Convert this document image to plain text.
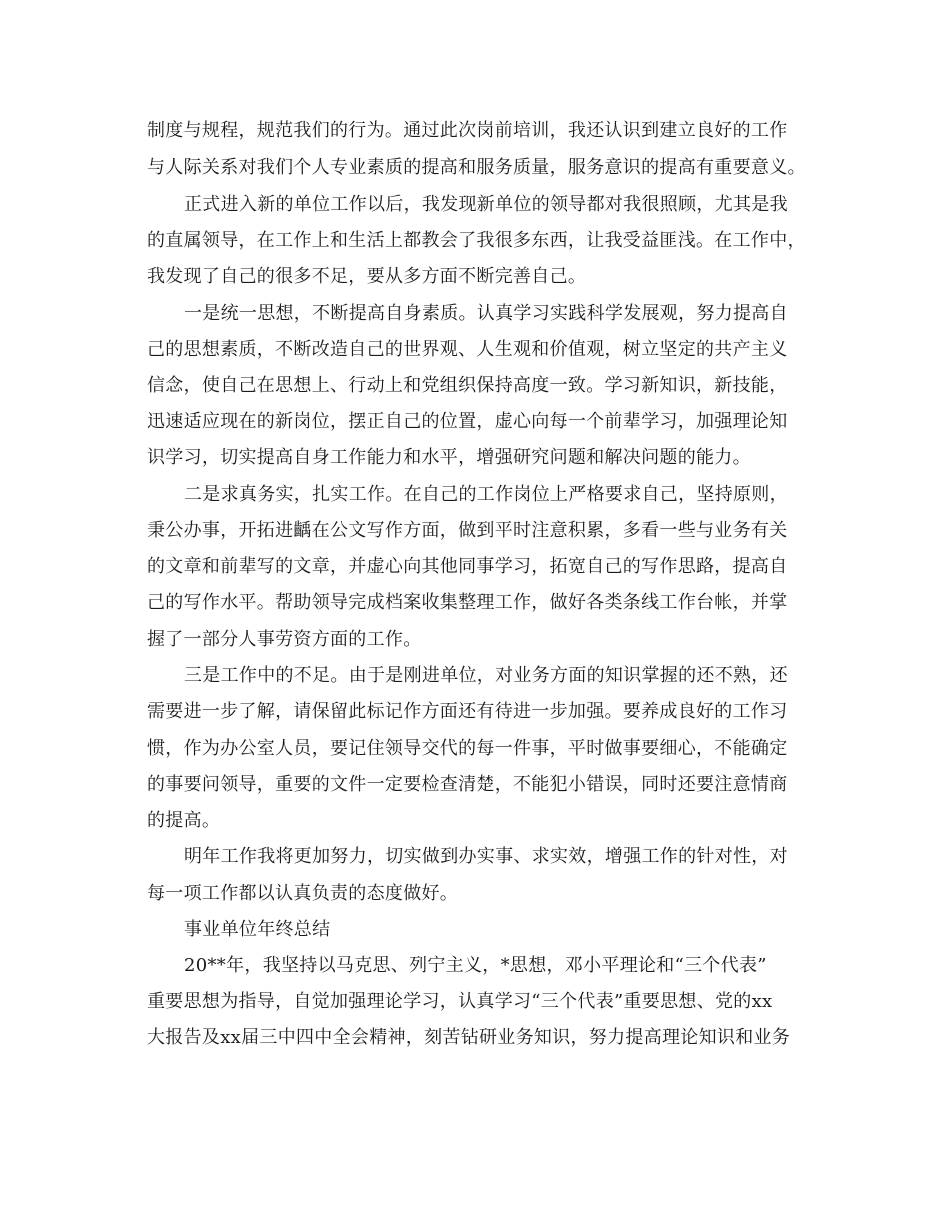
制度与规程，规范我们的行为。通过此次岗前培训，我还认识到建立良好的工作
与人际关系对我们个人专业素质的提高和服务质量，服务意识的提高有重要意义。
正式进入新的单位工作以后，我发现新单位的领导都对我很照顾，尤其是我
的直属领导，在工作上和生活上都教会了我很多东西，让我受益匪浅。在工作中，
我发现了自己的很多不足，要从多方面不断完善自己。
一是统一思想，不断提高自身素质。认真学习实践科学发展观，努力提高自
己的思想素质，不断改造自己的世界观、人生观和价值观，树立坚定的共产主义
信念，使自己在思想上、行动上和党组织保持高度一致。学习新知识，新技能，
迅速适应现在的新岗位，摆正自己的位置，虚心向每一个前辈学习，加强理论知
识学习，切实提高自身工作能力和水平，增强研究问题和解决问题的能力。
二是求真务实，扎实工作。在自己的工作岗位上严格要求自己，坚持原则，
秉公办事，开拓进齲在公文写作方面，做到平时注意积累，多看一些与业务有关
的文章和前辈写的文章，并虚心向其他同事学习，拓宽自己的写作思路，提高自
己的写作水平。帮助领导完成档案收集整理工作，做好各类条线工作台帐，并掌
握了一部分人事劳资方面的工作。
三是工作中的不足。由于是刚进单位，对业务方面的知识掌握的还不熟，还
需要进一步了解，请保留此标记作方面还有待进一步加强。要养成良好的工作习
惯，作为办公室人员，要记住领导交代的每一件事，平时做事要细心，不能确定
的事要问领导，重要的文件一定要检查清楚，不能犯小错误，同时还要注意情商
的提高。
明年工作我将更加努力，切实做到办实事、求实效，增强工作的针对性，对
每一项工作都以认真负责的态度做好。
事业单位年终总结
20**年，我坚持以马克思、列宁主义，*思想，邓小平理论和“三个代表”
重要思想为指导，自觉加强理论学习，认真学习“三个代表”重要思想、党的xx
大报告及xx届三中四中全会精神，刻苦钻研业务知识，努力提高理论知识和业务
